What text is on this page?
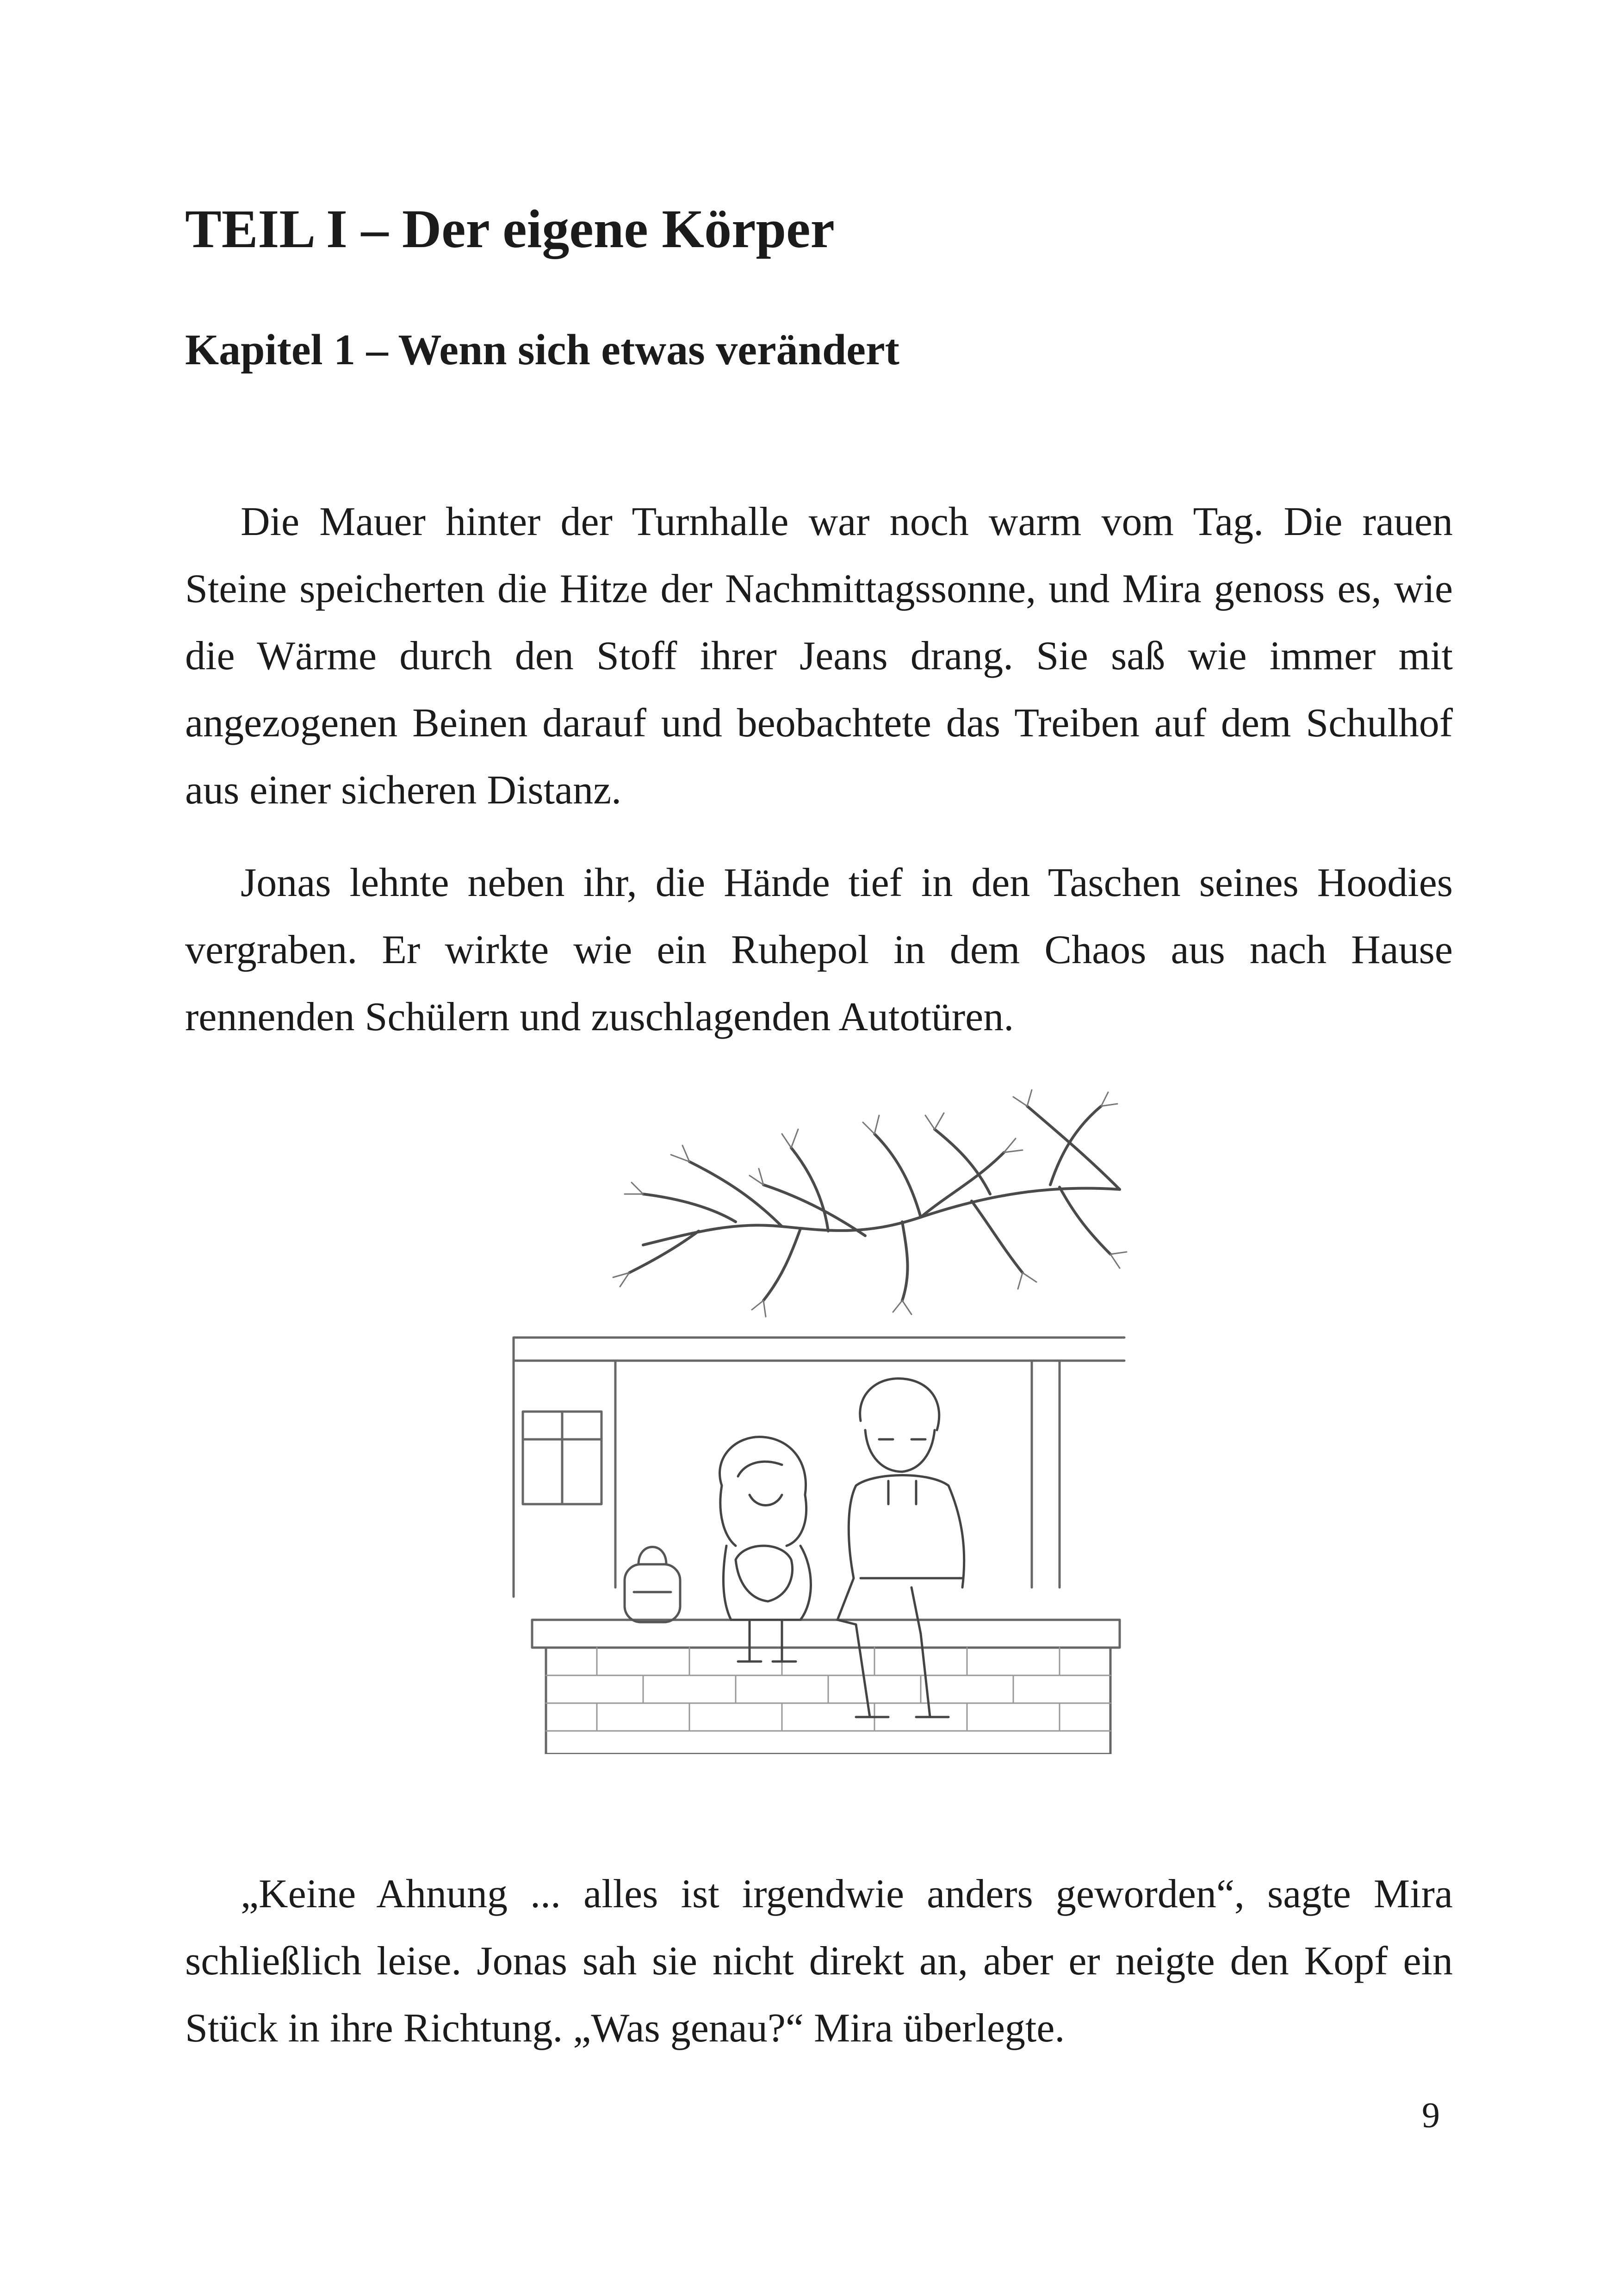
TEIL I – Der eigene Körper
Kapitel 1 – Wenn sich etwas verändert

Die Mauer hinter der Turnhalle war noch warm vom Tag. Die rauen Steine speicherten die Hitze der Nachmittagssonne, und Mira genoss es, wie die Wärme durch den Stoff ihrer Jeans drang. Sie saß wie immer mit angezogenen Beinen darauf und beobachtete das Treiben auf dem Schulhof aus einer sicheren Distanz.

Jonas lehnte neben ihr, die Hände tief in den Taschen seines Hoodies vergraben. Er wirkte wie ein Ruhepol in dem Chaos aus nach Hause rennenden Schülern und zuschlagenden Autotüren.

„Keine Ahnung ... alles ist irgendwie anders geworden“, sagte Mira schließlich leise. Jonas sah sie nicht direkt an, aber er neigte den Kopf ein Stück in ihre Richtung. „Was genau?“ Mira überlegte.

9
